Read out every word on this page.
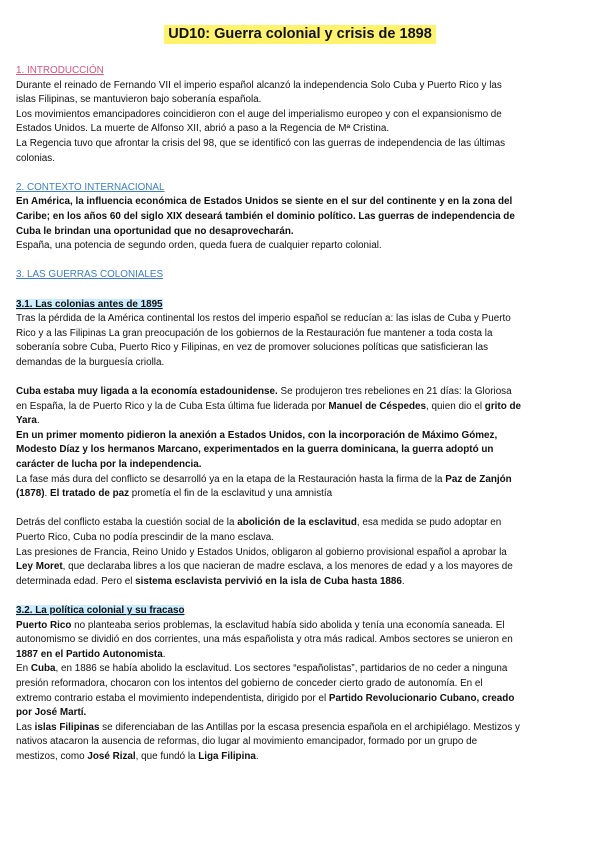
UD10: Guerra colonial y crisis de 1898

1. INTRODUCCIÓN

Durante el reinado de Fernando VII el imperio español alcanzó la independencia Solo Cuba y Puerto Rico y las islas Filipinas, se mantuvieron bajo soberanía española.

Los movimientos emancipadores coincidieron con el auge del imperialismo europeo y con el expansionismo de Estados Unidos. La muerte de Alfonso XII, abrió a paso a la Regencia de Mª Cristina.

La Regencia tuvo que afrontar la crisis del 98, que se identificó con las guerras de independencia de las últimas colonias.

2. CONTEXTO INTERNACIONAL

En América, la influencia económica de Estados Unidos se siente en el sur del continente y en la zona del Caribe; en los años 60 del siglo XIX deseará también el dominio político. Las guerras de independencia de Cuba le brindan una oportunidad que no desaprovecharán.

España, una potencia de segundo orden, queda fuera de cualquier reparto colonial.

3. LAS GUERRAS COLONIALES

3.1. Las colonias antes de 1895

Tras la pérdida de la América continental los restos del imperio español se reducían a: las islas de Cuba y Puerto Rico y a las Filipinas La gran preocupación de los gobiernos de la Restauración fue mantener a toda costa la soberanía sobre Cuba, Puerto Rico y Filipinas, en vez de promover soluciones políticas que satisficieran las demandas de la burguesía criolla.

Cuba estaba muy ligada a la economía estadounidense. Se produjeron tres rebeliones en 21 días: la Gloriosa en España, la de Puerto Rico y la de Cuba Esta última fue liderada por Manuel de Céspedes, quien dio el grito de Yara.

En un primer momento pidieron la anexión a Estados Unidos, con la incorporación de Máximo Gómez, Modesto Díaz y los hermanos Marcano, experimentados en la guerra dominicana, la guerra adoptó un carácter de lucha por la independencia.

La fase más dura del conflicto se desarrolló ya en la etapa de la Restauración hasta la firma de la Paz de Zanjón (1878). El tratado de paz prometía el fin de la esclavitud y una amnistía

Detrás del conflicto estaba la cuestión social de la abolición de la esclavitud, esa medida se pudo adoptar en Puerto Rico, Cuba no podía prescindir de la mano esclava.

Las presiones de Francia, Reino Unido y Estados Unidos, obligaron al gobierno provisional español a aprobar la Ley Moret, que declaraba libres a los que nacieran de madre esclava, a los menores de edad y a los mayores de determinada edad. Pero el sistema esclavista pervivió en la isla de Cuba hasta 1886.

3.2. La política colonial y su fracaso

Puerto Rico no planteaba serios problemas, la esclavitud había sido abolida y tenía una economía saneada. El autonomismo se dividió en dos corrientes, una más españolista y otra más radical. Ambos sectores se unieron en 1887 en el Partido Autonomista.

En Cuba, en 1886 se había abolido la esclavitud. Los sectores “españolistas”, partidarios de no ceder a ninguna presión reformadora, chocaron con los intentos del gobierno de conceder cierto grado de autonomía. En el extremo contrario estaba el movimiento independentista, dirigido por el Partido Revolucionario Cubano, creado por José Martí.

Las islas Filipinas se diferenciaban de las Antillas por la escasa presencia española en el archipiélago. Mestizos y nativos atacaron la ausencia de reformas, dio lugar al movimiento emancipador, formado por un grupo de mestizos, como José Rizal, que fundó la Liga Filipina.
